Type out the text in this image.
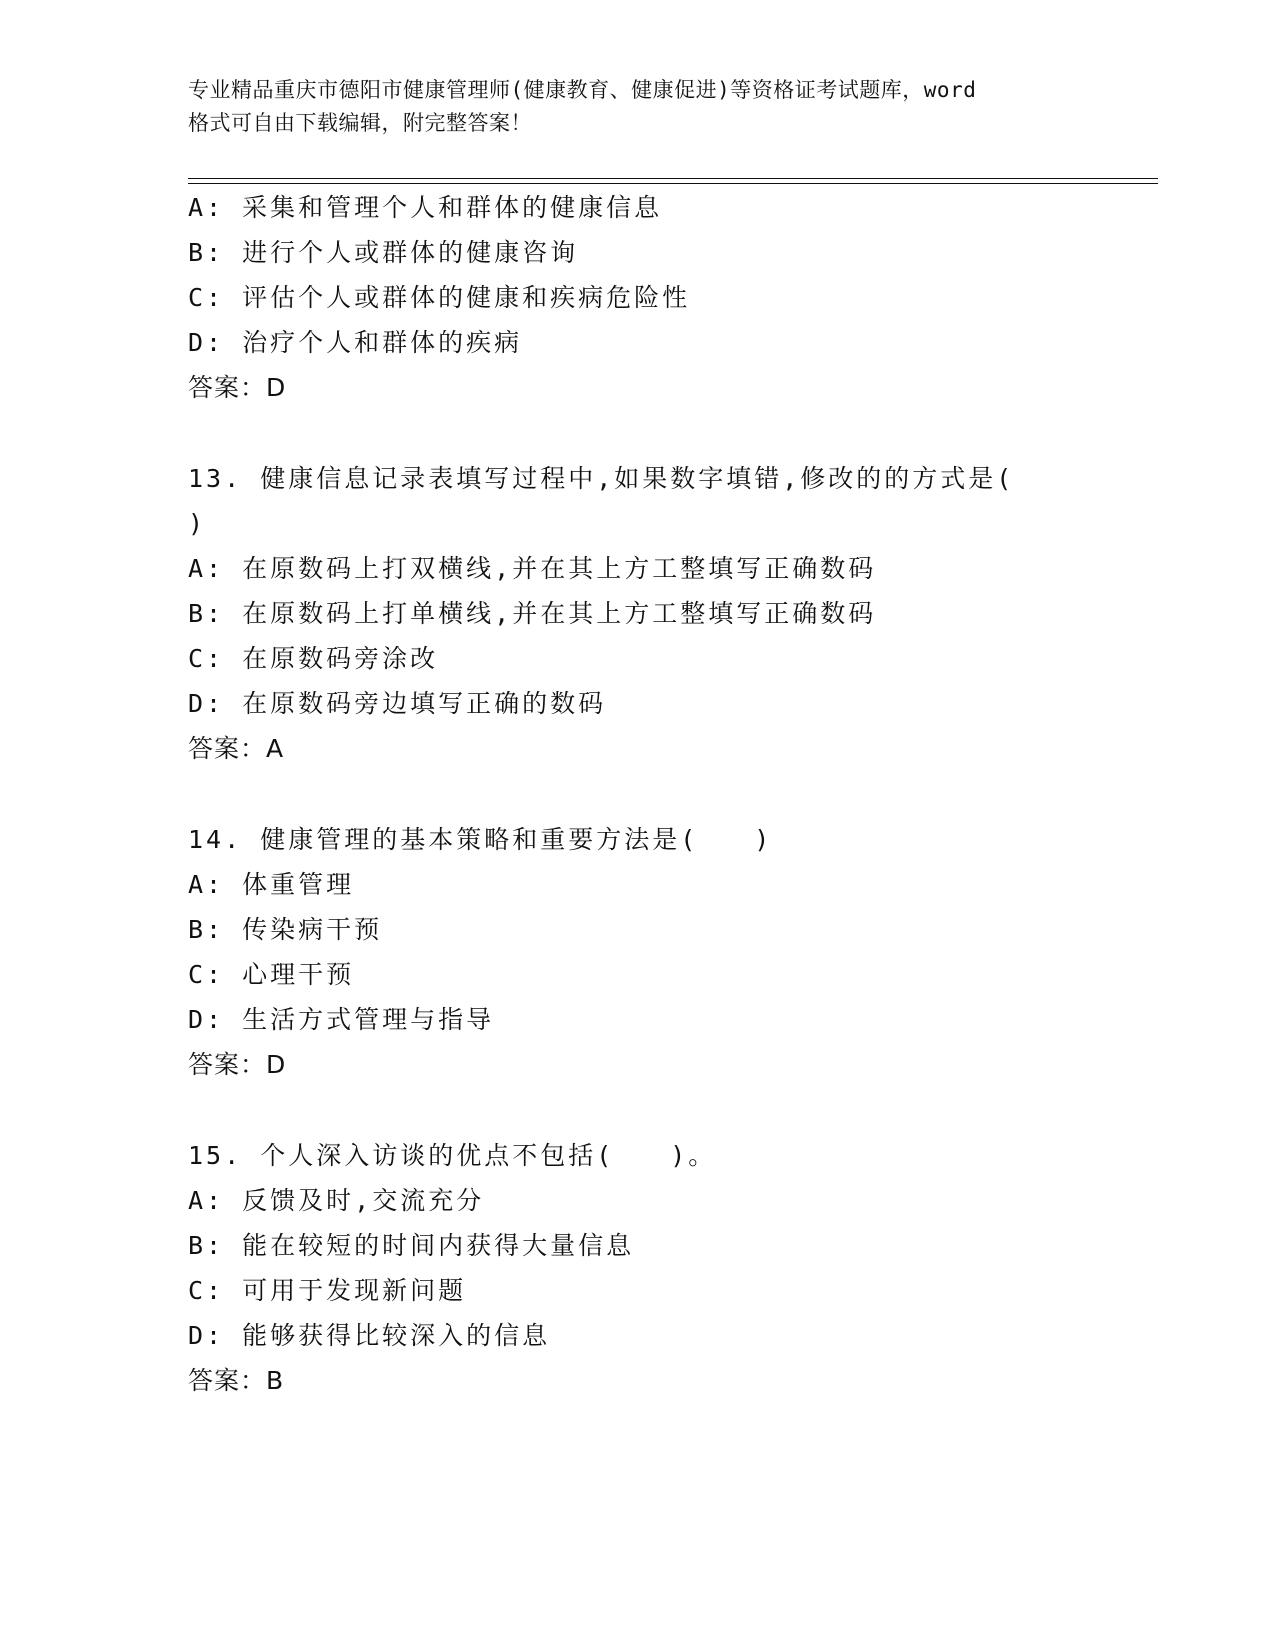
专业精品重庆市德阳市健康管理师(健康教育、健康促进)等资格证考试题库，word
格式可自由下载编辑，附完整答案！
A: 采集和管理个人和群体的健康信息
B: 进行个人或群体的健康咨询
C: 评估个人或群体的健康和疾病危险性
D: 治疗个人和群体的疾病
答案：D
13. 健康信息记录表填写过程中,如果数字填错,修改的的方式是(
)
A: 在原数码上打双横线,并在其上方工整填写正确数码
B: 在原数码上打单横线,并在其上方工整填写正确数码
C: 在原数码旁涂改
D: 在原数码旁边填写正确的数码
答案：A
14. 健康管理的基本策略和重要方法是(　　)
A: 体重管理
B: 传染病干预
C: 心理干预
D: 生活方式管理与指导
答案：D
15. 个人深入访谈的优点不包括(　　)。
A: 反馈及时,交流充分
B: 能在较短的时间内获得大量信息
C: 可用于发现新问题
D: 能够获得比较深入的信息
答案：B
